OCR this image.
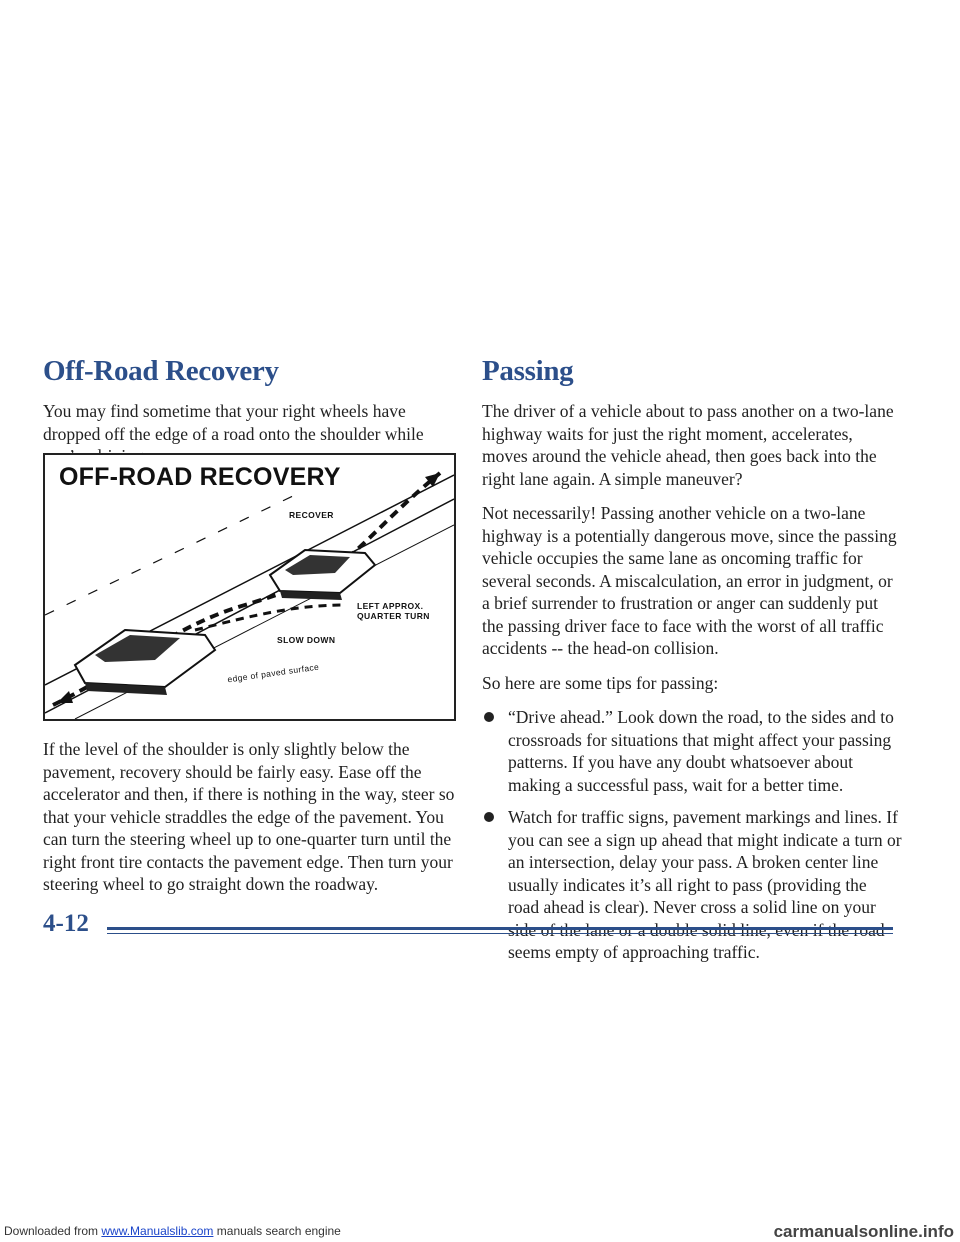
Off-Road Recovery

You may find sometime that your right wheels have dropped off the edge of a road onto the shoulder while

OFF-ROAD RECOVERY
RECOVER
LEFT APPROX.
QUARTER TURN
SLOW DOWN
edge of paved surface

If the level of the shoulder is only slightly below the pavement, recovery should be fairly easy. Ease off the accelerator and then, if there is nothing in the way, steer so that your vehicle straddles the edge of the pavement. You can turn the steering wheel up to one-quarter turn until the right front tire contacts the pavement edge. Then turn your steering wheel to go straight down the roadway.

Passing

The driver of a vehicle about to pass another on a two-lane highway waits for just the right moment, accelerates, moves around the vehicle ahead, then goes back into the right lane again. A simple maneuver?

Not necessarily! Passing another vehicle on a two-lane highway is a potentially dangerous move, since the passing vehicle occupies the same lane as oncoming traffic for several seconds. A miscalculation, an error in judgment, or a brief surrender to frustration or anger can suddenly put the passing driver face to face with the worst of all traffic accidents -- the head-on collision.

So here are some tips for passing:

“Drive ahead.” Look down the road, to the sides and to crossroads for situations that might affect your passing patterns. If you have any doubt whatsoever about making a successful pass, wait for a better time.
Watch for traffic signs, pavement markings and lines. If you can see a sign up ahead that might indicate a turn or an intersection, delay your pass. A broken center line usually indicates it’s all right to pass (providing the road ahead is clear). Never cross a solid line on your seems empty of approaching traffic.
4-12
Downloaded from www.Manualslib.com manuals search engine	carmanualsonline.info
